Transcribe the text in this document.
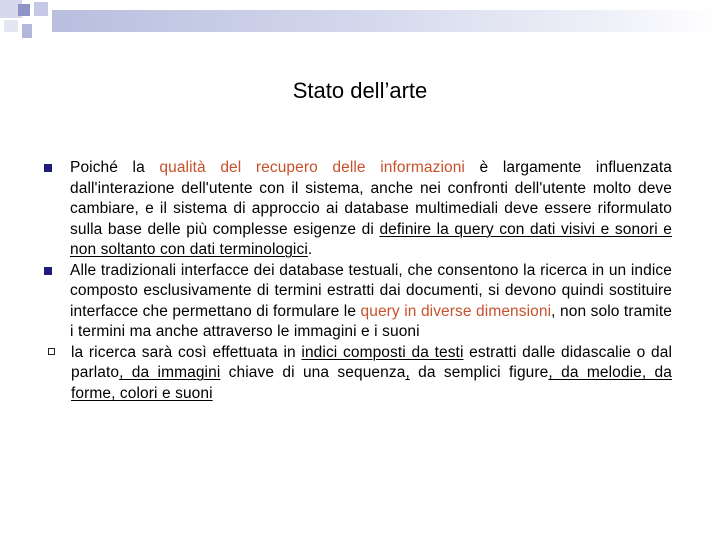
Stato dell’arte

Poiché la qualità del recupero delle informazioni è largamente influenzata dall'interazione dell'utente con il sistema, anche nei confronti dell'utente molto deve cambiare, e il sistema di approccio ai database multimediali deve essere riformulato sulla base delle più complesse esigenze di definire la query con dati visivi e sonori e non soltanto con dati terminologici.

Alle tradizionali interfacce dei database testuali, che consentono la ricerca in un indice composto esclusivamente di termini estratti dai documenti, si devono quindi sostituire interfacce che permettano di formulare le query in diverse dimensioni, non solo tramite i termini ma anche attraverso le immagini e i suoni

la ricerca sarà così effettuata in indici composti da testi estratti dalle didascalie o dal parlato, da immagini chiave di una sequenza, da semplici figure, da melodie, da forme, colori e suoni
